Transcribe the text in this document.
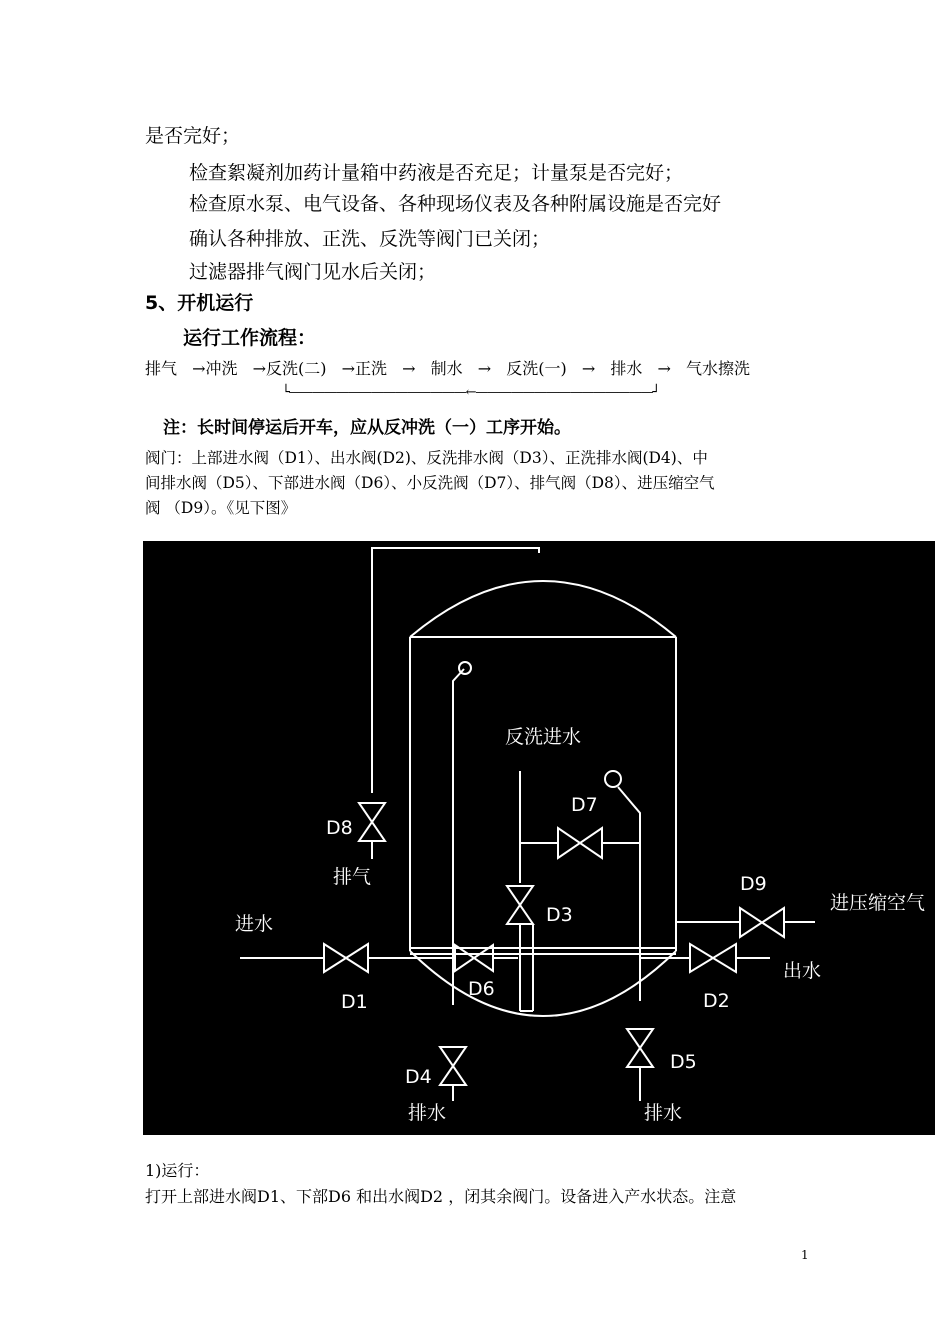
是否完好；
检查絮凝剂加药计量箱中药液是否充足；计量泵是否完好；
检查原水泵、电气设备、各种现场仪表及各种附属设施是否完好
确认各种排放、正洗、反洗等阀门已关闭；
过滤器排气阀门见水后关闭；
5、开机运行
运行工作流程：
排气 →冲洗 →反洗(二) →正洗 → 制水 → 反洗(一) → 排水 → 气水擦洗
└———————————————←———————————————┘
注：长时间停运后开车，应从反冲洗（一）工序开始。
阀门：上部进水阀（D1）、出水阀(D2)、反洗排水阀（D3）、正洗排水阀(D4)、中
间排水阀（D5）、下部进水阀（D6）、小反洗阀（D7）、排气阀（D8）、进压缩空气
阀 （D9）。《见下图》
反洗进水
D7
D8
排气
D3
D9
进压缩空气
进水
D1
D6
D2
出水
D4
排水
D5
排水
1)运行：
打开上部进水阀D1、下部D6 和出水阀D2 ，闭其余阀门。设备进入产水状态。注意
1
